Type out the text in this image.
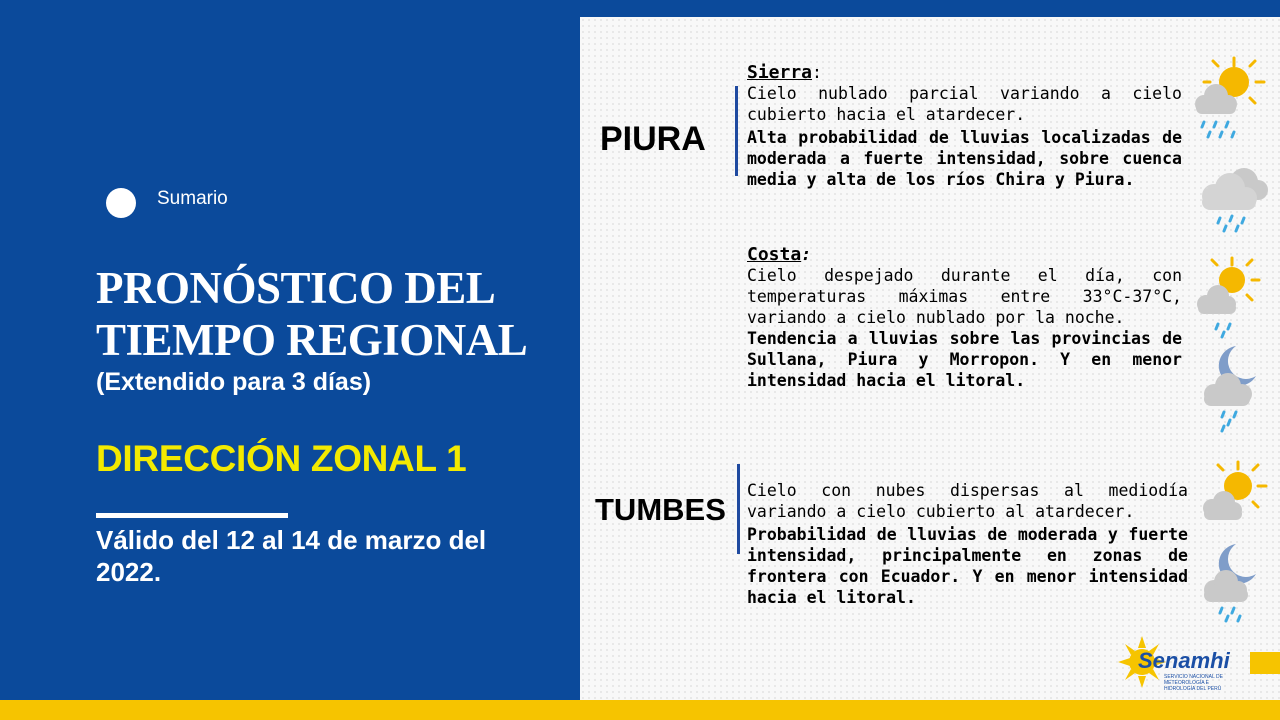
Sumario
PRONÓSTICO DEL TIEMPO REGIONAL
(Extendido para 3 días)
DIRECCIÓN ZONAL 1
Válido del 12 al 14 de marzo del 2022.
PIURA

Sierra:

Cielo nublado parcial variando a cielo cubierto hacia el atardecer.

Alta probabilidad de lluvias localizadas de moderada a fuerte intensidad, sobre cuenca media y alta de los ríos Chira y Piura.

Costa:

Cielo despejado durante el día, con temperaturas máximas entre 33°C-37°C, variando a cielo nublado por la noche.

Tendencia a lluvias sobre las provincias de Sullana, Piura y Morropon. Y en menor intensidad hacia el litoral.

TUMBES

Cielo con nubes dispersas al mediodía variando a cielo cubierto al atardecer.

Probabilidad de lluvias de moderada y fuerte intensidad, principalmente en zonas de frontera con Ecuador. Y en menor intensidad hacia el litoral.

Senamhi
SERVICIO NACIONAL DE METEOROLOGÍA E HIDROLOGÍA DEL PERÚ
